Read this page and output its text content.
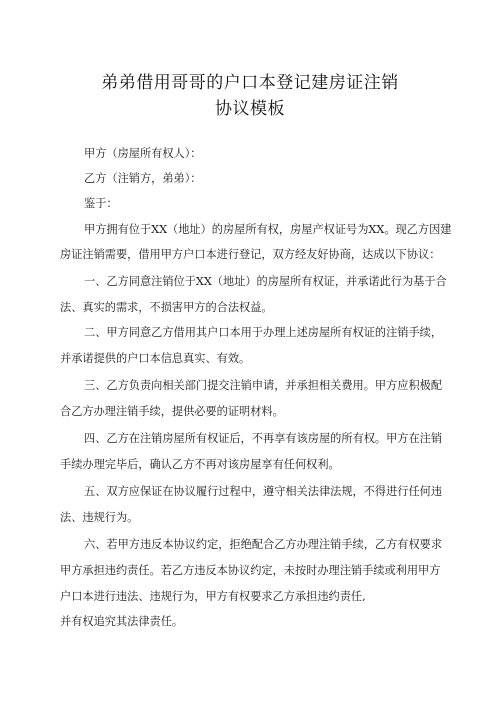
弟弟借用哥哥的户口本登记建房证注销
协议模板

甲方（房屋所有权人）：

乙方（注销方，弟弟）：

鉴于：

甲方拥有位于XX（地址）的房屋所有权，房屋产权证号为XX。现乙方因建

房证注销需要，借用甲方户口本进行登记，双方经友好协商，达成以下协议：

一、乙方同意注销位于XX（地址）的房屋所有权证，并承诺此行为基于合

法、真实的需求，不损害甲方的合法权益。

二、甲方同意乙方借用其户口本用于办理上述房屋所有权证的注销手续，

并承诺提供的户口本信息真实、有效。

三、乙方负责向相关部门提交注销申请，并承担相关费用。甲方应积极配

合乙方办理注销手续，提供必要的证明材料。

四、乙方在注销房屋所有权证后，不再享有该房屋的所有权。甲方在注销

手续办理完毕后，确认乙方不再对该房屋享有任何权利。

五、双方应保证在协议履行过程中，遵守相关法律法规，不得进行任何违

法、违规行为。

六、若甲方违反本协议约定，拒绝配合乙方办理注销手续，乙方有权要求

甲方承担违约责任。若乙方违反本协议约定，未按时办理注销手续或利用甲方

户口本进行违法、违规行为，甲方有权要求乙方承担违约责任,

并有权追究其法律责任。
